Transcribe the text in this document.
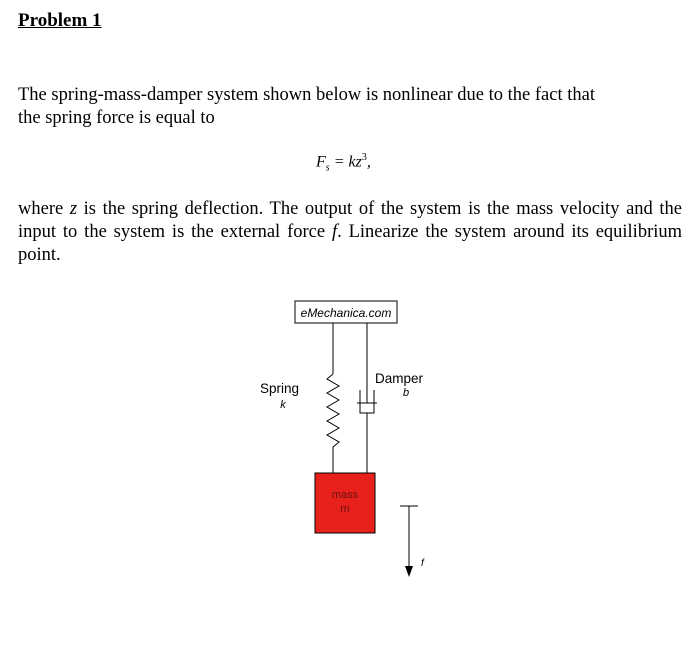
Problem 1

The spring-mass-damper system shown below is nonlinear due to the fact that

the spring force is equal to

$F_s = kz^3$,

where z is the spring deflection. The output of the system is the mass velocity and the input to the system is the external force f. Linearize the system around its equilibrium point.

eMechanica.com
mass
m
Spring
k
Damper
b
f
